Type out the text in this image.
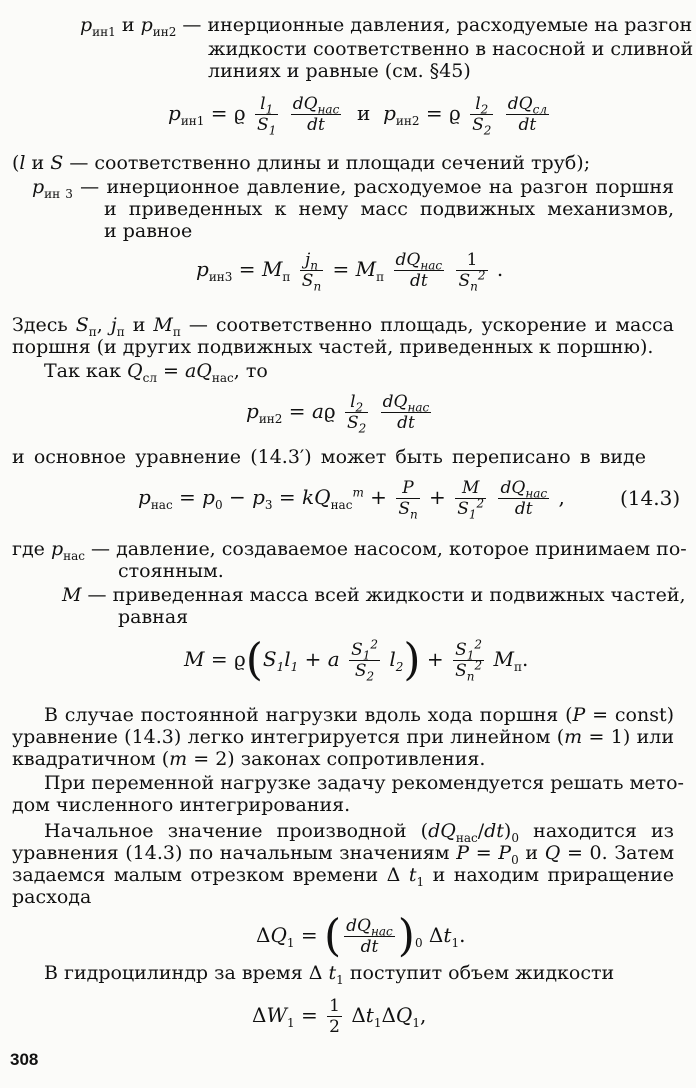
$p_{ин1}$ и $p_{ин2}$ — инерционные давления, расходуемые на разгон
жидкости соответственно в насосной и сливной
линиях и равные (см. §45)
$p_{ин1} = ϱ \frac{l_1}{S_1}$
$\frac{dQ_{нас}}{dt}$ и  $p_{ин2} = ϱ \frac{l_2}{S_2}$
$\frac{dQ_{сл}}{dt}$
(l и S — соответственно длины и площади сечений труб);
$p_{ин 3}$ — инерционное давление, расходуемое на разгон поршня
и приведенных к нему масс подвижных механизмов,
и равное
$p_{ин3} = M_п \frac{j_п}{S_п} = M_п \frac{dQ_{нас}}{dt}$
$\frac{1}{S_п^2}$ .
Здесь $S_п$, $j_п$ и $M_п$ — соответственно площадь, ускорение и масса
поршня (и других подвижных частей, приведенных к поршню).
Так как $Q_{сл} = aQ_{нас}$, то
$p_{ин2} = aϱ \frac{l_2}{S_2}$
$\frac{dQ_{нас}}{dt}$
и основное уравнение (14.3′) может быть переписано в виде
$p_{нас} = p_0 - p_3 = kQ_{нас}^m + \frac{P}{S_п} + \frac{M}{S_1^2}$
$\frac{dQ_{нас}}{dt}$ ,	(14.3)
где $p_{нас}$ — давление, создаваемое насосом, которое принимаем по-
стоянным.
M — приведенная масса всей жидкости и подвижных частей,
равная
$M = ϱ(S_1l_1 + a \frac{S_1^2}{S_2} l_2) + \frac{S_1^2}{S_п^2} M_п$.
В случае постоянной нагрузки вдоль хода поршня (P = const)
уравнение (14.3) легко интегрируется при линейном (m = 1) или
квадратичном (m = 2) законах сопротивления.
При переменной нагрузке задачу рекомендуется решать мето-
дом численного интегрирования.
Начальное значение производной $(dQ_{нас}/dt)_0$ находится из
уравнения (14.3) по начальным значениям $P = P_0$ и Q = 0. Затем
задаемся малым отрезком времени Δ $t_1$ и находим приращение
расхода
$\Delta Q_1$ = ( $\frac{dQ_{нас}}{dt} )_0$ $\Delta t_1$.
В гидроцилиндр за время Δ $t_1$ поступит объем жидкости
$\Delta W_1 = \frac{1}{2} \Delta t_1\Delta Q_1$,
308
